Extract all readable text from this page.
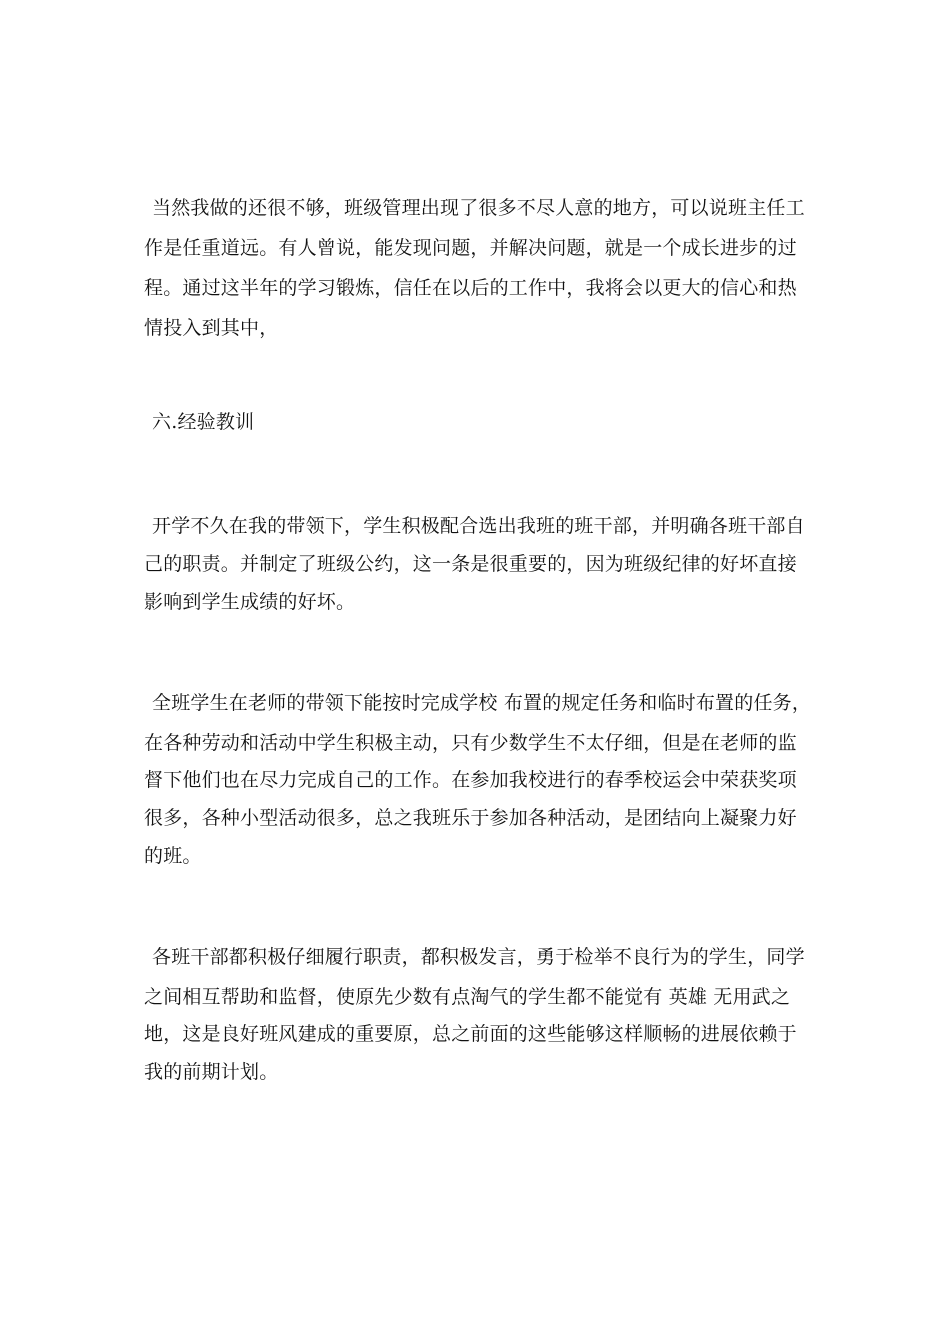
当然我做的还很不够，班级管理出现了很多不尽人意的地方，可以说班主任工
作是任重道远。有人曾说，能发现问题，并解决问题，就是一个成长进步的过
程。通过这半年的学习锻炼，信任在以后的工作中，我将会以更大的信心和热
情投入到其中，
六.经验教训
开学不久在我的带领下，学生积极配合选出我班的班干部，并明确各班干部自
己的职责。并制定了班级公约，这一条是很重要的，因为班级纪律的好坏直接
影响到学生成绩的好坏。
全班学生在老师的带领下能按时完成学校 布置的规定任务和临时布置的任务，
在各种劳动和活动中学生积极主动，只有少数学生不太仔细，但是在老师的监
督下他们也在尽力完成自己的工作。在参加我校进行的春季校运会中荣获奖项
很多，各种小型活动很多，总之我班乐于参加各种活动，是团结向上凝聚力好
的班。
各班干部都积极仔细履行职责，都积极发言，勇于检举不良行为的学生，同学
之间相互帮助和监督，使原先少数有点淘气的学生都不能觉有 英雄 无用武之
地，这是良好班风建成的重要原，总之前面的这些能够这样顺畅的进展依赖于
我的前期计划。
